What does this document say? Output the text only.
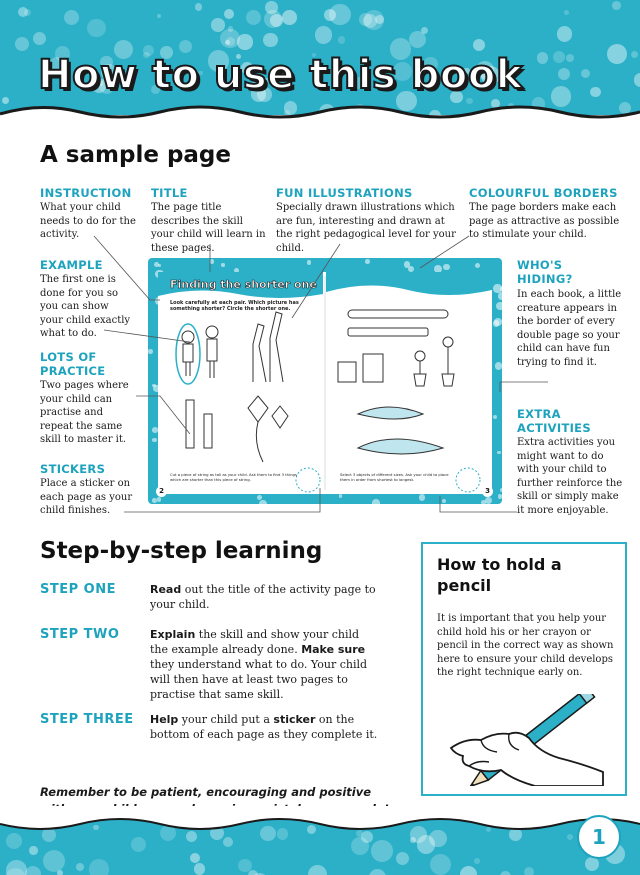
How to use this book
A sample page
INSTRUCTION
What your child needs to do for the activity.
TITLE
The page title describes the skill your child will learn in these pages.
FUN ILLUSTRATIONS
Specially drawn illustrations which are fun, interesting and drawn at the right pedagogical level for your child.
COLOURFUL BORDERS
The page borders make each page as attractive as possible to stimulate your child.
EXAMPLE
The first one is done for you so you can show your child exactly what to do.
LOTS OF
PRACTICE
Two pages where your child can practise and repeat the same skill to master it.
STICKERS
Place a sticker on each page as your child finishes.
WHO'S
HIDING?
In each book, a little creature appears in the border of every double page so your child can have fun trying to find it.
EXTRA
ACTIVITIES
Extra activities you might want to do with your child to further reinforce the skill or simply make it more enjoyable.
Finding the shorter one
Look carefully at each pair. Which picture has something shorter? Circle the shorter one.
Cut a piece of string as tall as your child. Ask them to find 3 things which are shorter than this piece of string.
Select 3 objects of different sizes. Ask your child to place them in order from shortest to longest.
2	3
Step-by-step learning
STEP ONE	Read out the title of the activity page to your child.
STEP TWO	Explain the skill and show your child the example already done. Make sure they understand what to do. Your child will then have at least two pages to practise that same skill.
STEP THREE Help your child put a sticker on the bottom of each page as they complete it.
Remember to be patient, encouraging and positive
How to hold a pencil
It is important that you help your child hold his or her crayon or pencil in the correct way as shown here to ensure your child develops the right technique early on.
1
